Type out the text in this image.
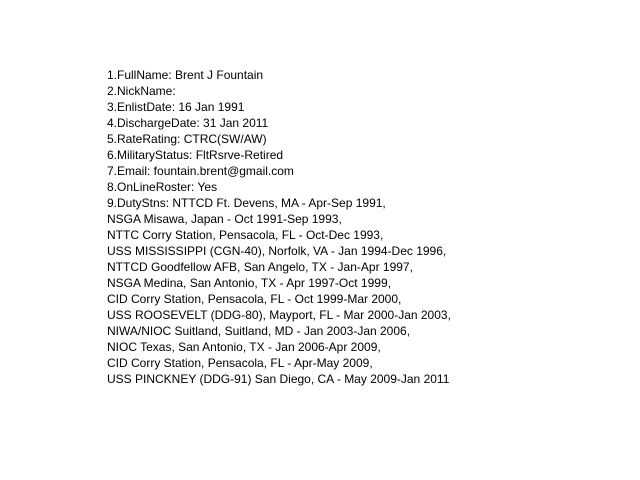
1.FullName: Brent J Fountain
2.NickName:
3.EnlistDate: 16 Jan 1991
4.DischargeDate: 31 Jan 2011
5.RateRating: CTRC(SW/AW)
6.MilitaryStatus: FltRsrve-Retired
7.Email: fountain.brent@gmail.com
8.OnLineRoster: Yes
9.DutyStns: NTTCD Ft. Devens, MA - Apr-Sep 1991,
NSGA Misawa, Japan - Oct 1991-Sep 1993,
NTTC Corry Station, Pensacola, FL - Oct-Dec 1993,
USS MISSISSIPPI (CGN-40), Norfolk, VA - Jan 1994-Dec 1996,
NTTCD Goodfellow AFB, San Angelo, TX - Jan-Apr 1997,
NSGA Medina, San Antonio, TX - Apr 1997-Oct 1999,
CID Corry Station, Pensacola, FL - Oct 1999-Mar 2000,
USS ROOSEVELT (DDG-80), Mayport, FL - Mar 2000-Jan 2003,
NIWA/NIOC Suitland, Suitland, MD - Jan 2003-Jan 2006,
NIOC Texas, San Antonio, TX - Jan 2006-Apr 2009,
CID Corry Station, Pensacola, FL - Apr-May 2009,
USS PINCKNEY (DDG-91) San Diego, CA - May 2009-Jan 2011
